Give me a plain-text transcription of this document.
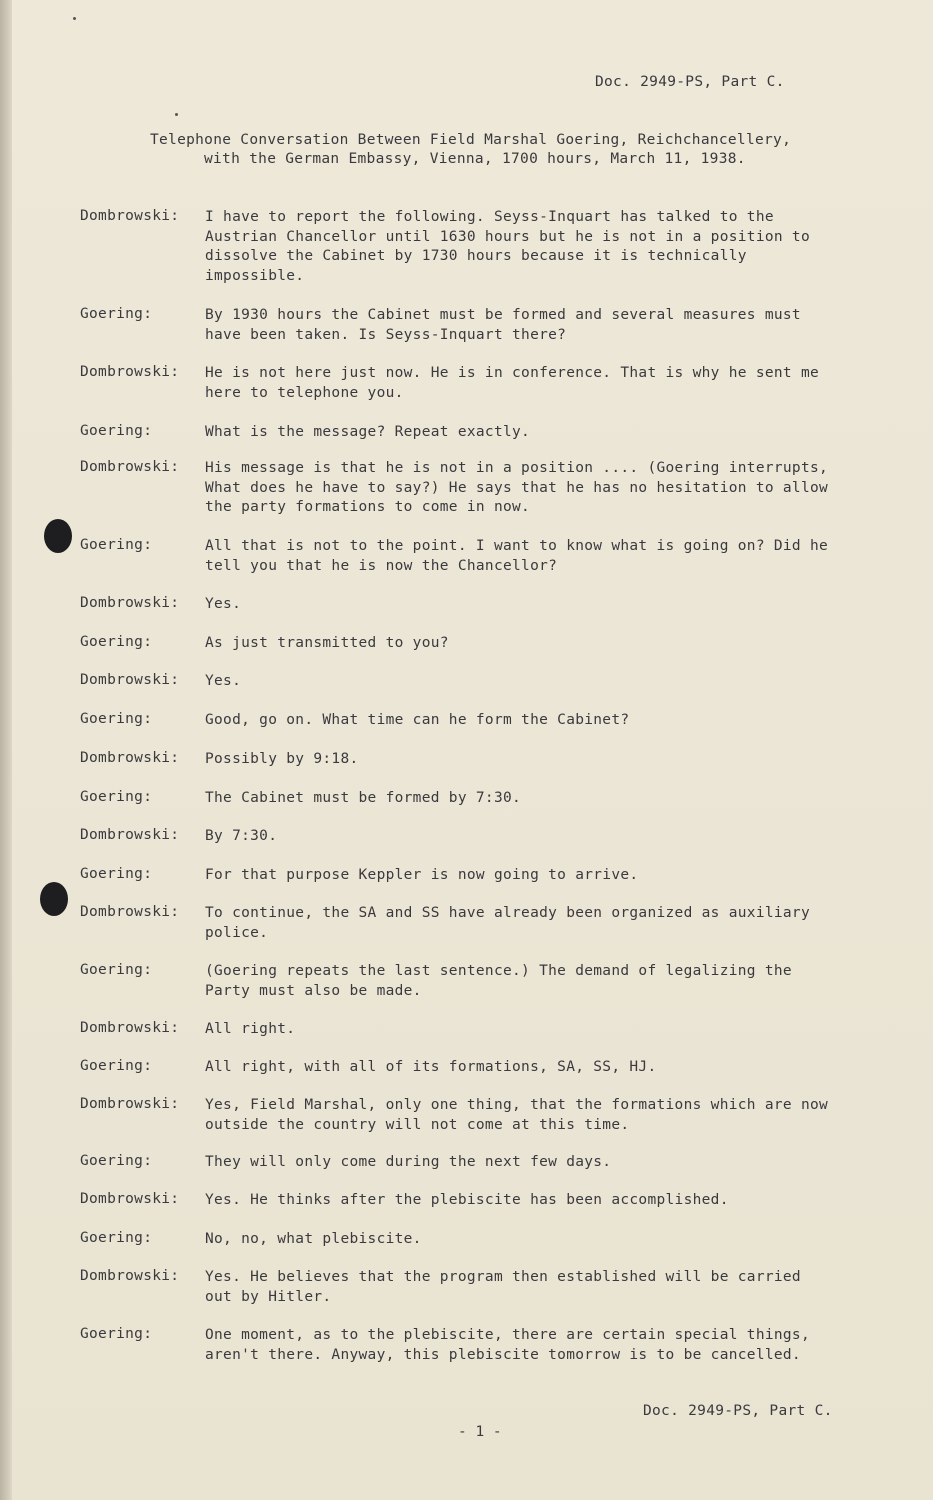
Doc. 2949-PS, Part C.
Telephone Conversation Between Field Marshal Goering, Reichchancellery,
with the German Embassy, Vienna, 1700 hours, March 11, 1938.
Dombrowski:	I have to report the following. Seyss-Inquart has talked to the Austrian Chancellor until 1630 hours but he is not in a position to dissolve the Cabinet by 1730 hours because it is technically impossible.
Goering:	By 1930 hours the Cabinet must be formed and several measures must have been taken. Is Seyss-Inquart there?
Dombrowski:	He is not here just now. He is in conference. That is why he sent me here to telephone you.
Goering:	What is the message? Repeat exactly.
Dombrowski:	His message is that he is not in a position .... (Goering interrupts, What does he have to say?) He says that he has no hesitation to allow the party formations to come in now.
Goering:	All that is not to the point. I want to know what is going on? Did he tell you that he is now the Chancellor?
Dombrowski:	Yes.
Goering:	As just transmitted to you?
Dombrowski:	Yes.
Goering:	Good, go on. What time can he form the Cabinet?
Dombrowski:	Possibly by 9:18.
Goering:	The Cabinet must be formed by 7:30.
Dombrowski:	By 7:30.
Goering:	For that purpose Keppler is now going to arrive.
Dombrowski:	To continue, the SA and SS have already been organized as auxiliary police.
Goering:	(Goering repeats the last sentence.) The demand of legalizing the Party must also be made.
Dombrowski:	All right.
Goering:	All right, with all of its formations, SA, SS, HJ.
Dombrowski:	Yes, Field Marshal, only one thing, that the formations which are now outside the country will not come at this time.
Goering:	They will only come during the next few days.
Dombrowski:	Yes. He thinks after the plebiscite has been accomplished.
Goering:	No, no, what plebiscite.
Dombrowski:	Yes. He believes that the program then established will be carried out by Hitler.
Goering:	One moment, as to the plebiscite, there are certain special things, aren't there. Anyway, this plebiscite tomorrow is to be cancelled.
Doc. 2949-PS, Part C.
- 1 -
